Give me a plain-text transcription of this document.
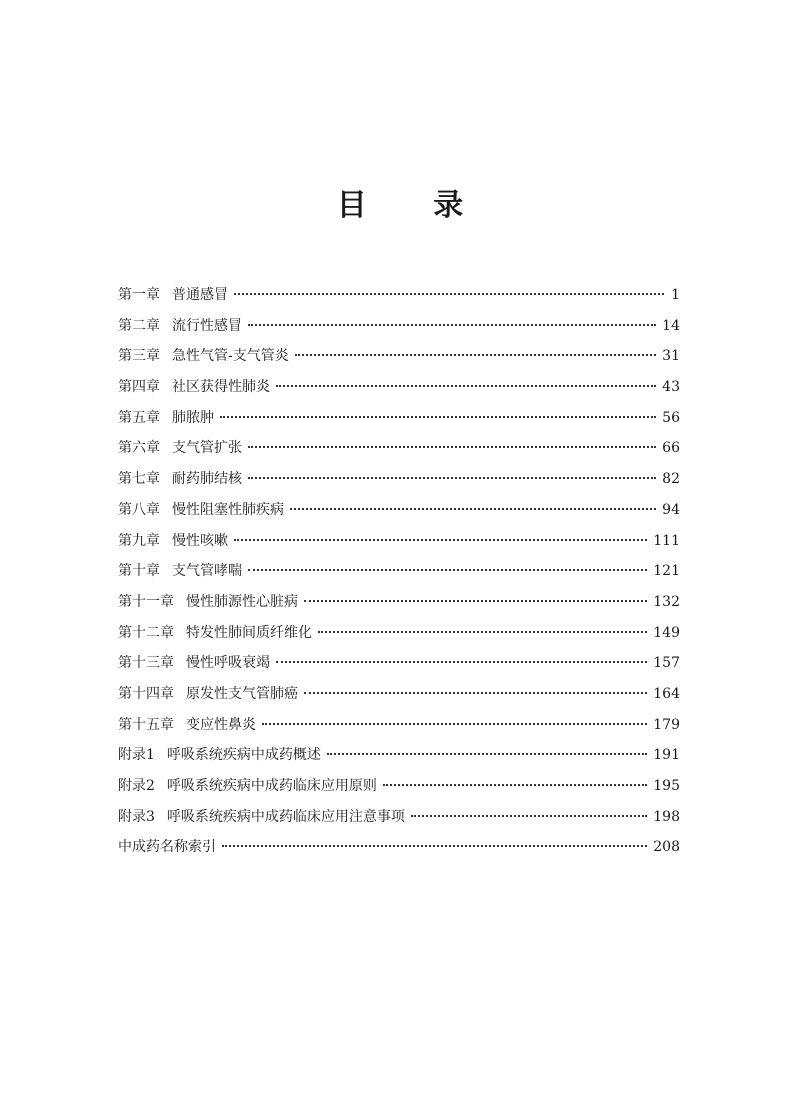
目 录
第一章 普通感冒	1
第二章 流行性感冒	14
第三章 急性气管-支气管炎	31
第四章 社区获得性肺炎	43
第五章 肺脓肿	56
第六章 支气管扩张	66
第七章 耐药肺结核	82
第八章 慢性阻塞性肺疾病	94
第九章 慢性咳嗽	111
第十章 支气管哮喘	121
第十一章 慢性肺源性心脏病	132
第十二章 特发性肺间质纤维化	149
第十三章 慢性呼吸衰竭	157
第十四章 原发性支气管肺癌	164
第十五章 变应性鼻炎	179
附录1 呼吸系统疾病中成药概述	191
附录2 呼吸系统疾病中成药临床应用原则	195
附录3 呼吸系统疾病中成药临床应用注意事项	198
中成药名称索引	208
